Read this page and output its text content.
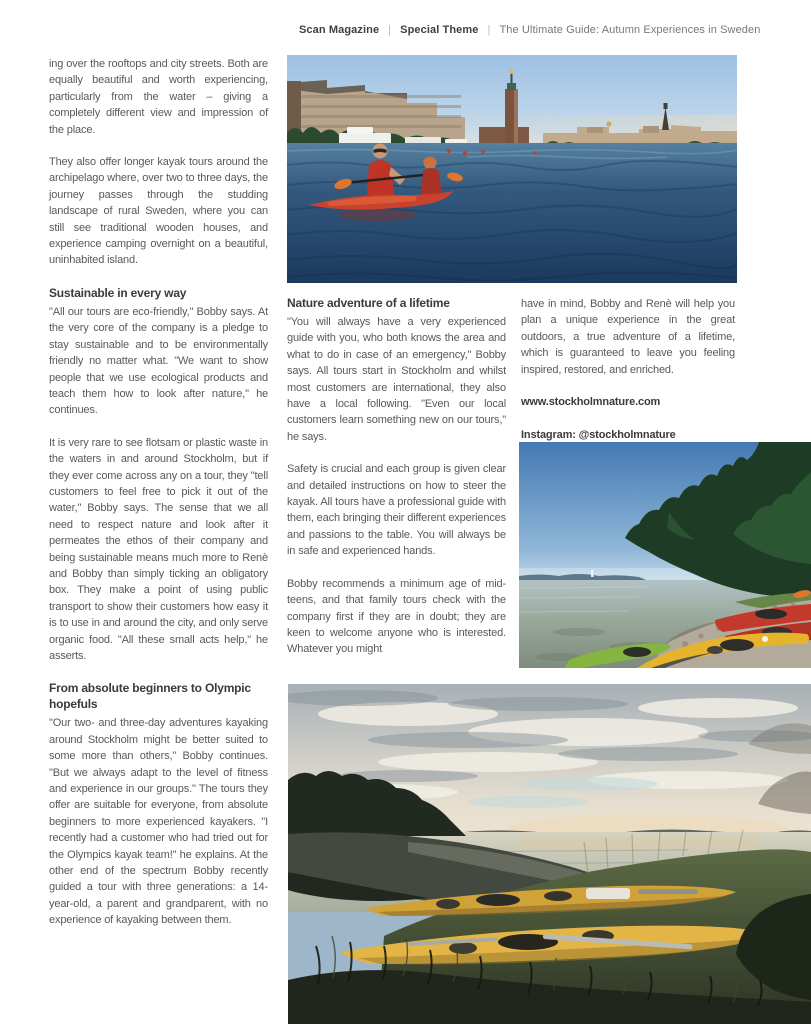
Scan Magazine | Special Theme | The Ultimate Guide: Autumn Experiences in Sweden

ing over the rooftops and city streets. Both are equally beautiful and worth experiencing, particularly from the water – giving a completely different view and impression of the place.

They also offer longer kayak tours around the archipelago where, over two to three days, the journey passes through the studding landscape of rural Sweden, where you can still see traditional wooden houses, and experience camping overnight on a beautiful, uninhabited island.

Sustainable in every way

"All our tours are eco-friendly," Bobby says. At the very core of the company is a pledge to stay sustainable and to be environmentally friendly no matter what. "We want to show people that we use ecological products and teach them how to look after nature," he continues.

It is very rare to see flotsam or plastic waste in the waters in and around Stockholm, but if they ever come across any on a tour, they "tell customers to feel free to pick it out of the water," Bobby says. The sense that we all need to respect nature and look after it permeates the ethos of their company and being sustainable means much more to Renè and Bobby than simply ticking an obligatory box. They make a point of using public transport to show their customers how easy it is to use in and around the city, and only serve organic food. "All these small acts help," he asserts.

From absolute beginners to Olympic hopefuls

"Our two- and three-day adventures kayaking around Stockholm might be better suited to some more than others," Bobby continues. "But we always adapt to the level of fitness and experience in our groups." The tours they offer are suitable for everyone, from absolute beginners to more experienced kayakers. "I recently had a customer who had tried out for the Olympics kayak team!" he explains. At the other end of the spectrum Bobby recently guided a tour with three generations: a 14-year-old, a parent and grandparent, with no experience of kayaking between them.

Nature adventure of a lifetime

"You will always have a very experienced guide with you, who both knows the area and what to do in case of an emergency," Bobby says. All tours start in Stockholm and whilst most customers are international, they also have a local following. "Even our local customers learn something new on our tours," he says.

Safety is crucial and each group is given clear and detailed instructions on how to steer the kayak. All tours have a professional guide with them, each bringing their different experiences and passions to the table. You will always be in safe and experienced hands.

Bobby recommends a minimum age of mid-teens, and that family tours check with the company first if they are in doubt; they are keen to welcome anyone who is interested. Whatever you might

have in mind, Bobby and Renè will help you plan a unique experience in the great outdoors, a true adventure of a lifetime, which is guaranteed to leave you feeling inspired, restored, and enriched.

www.stockholmnature.com

Instagram: @stockholmnature
